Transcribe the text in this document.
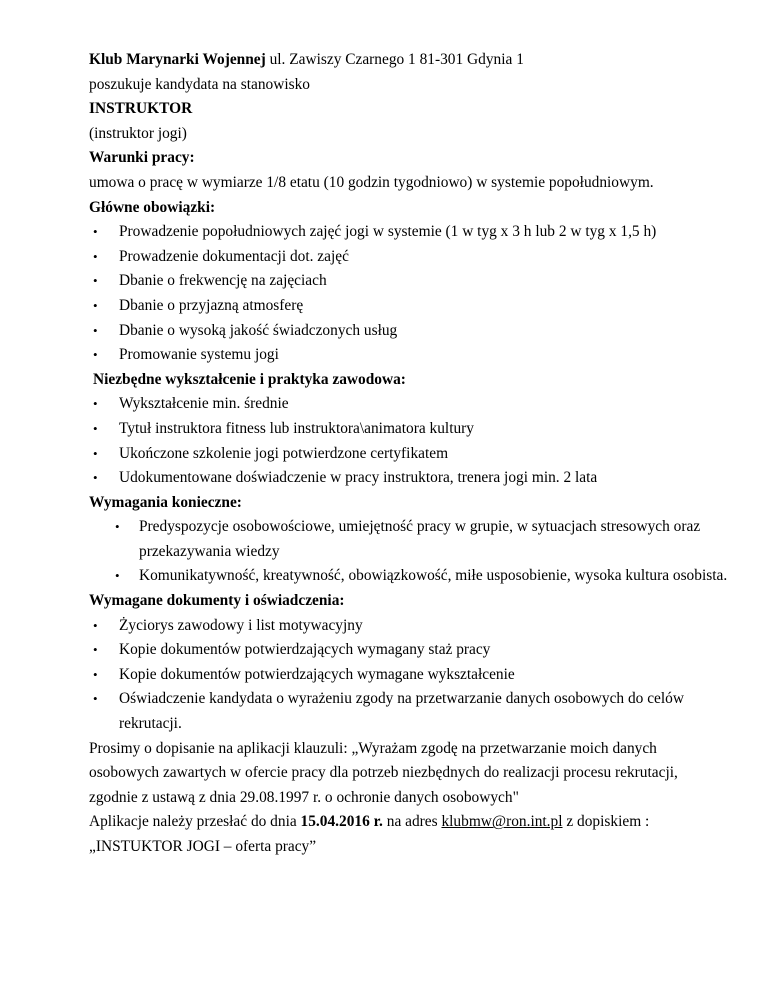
Klub Marynarki Wojennej ul. Zawiszy Czarnego 1 81-301 Gdynia 1
poszukuje kandydata na stanowisko
INSTRUKTOR
(instruktor jogi)
Warunki pracy:
umowa o pracę w wymiarze 1/8 etatu (10 godzin tygodniowo) w systemie popołudniowym.
Główne obowiązki:
• Prowadzenie popołudniowych zajęć jogi w systemie (1 w tyg x 3 h lub 2 w tyg x 1,5 h)
• Prowadzenie dokumentacji dot. zajęć
• Dbanie o frekwencję na zajęciach
• Dbanie o przyjazną atmosferę
• Dbanie o wysoką jakość świadczonych usług
• Promowanie systemu jogi
Niezbędne wykształcenie i praktyka zawodowa:
• Wykształcenie min. średnie
• Tytuł instruktora fitness lub instruktora\animatora kultury
• Ukończone szkolenie jogi potwierdzone certyfikatem
• Udokumentowane doświadczenie w pracy instruktora, trenera jogi min. 2 lata
Wymagania konieczne:
• Predyspozycje osobowościowe, umiejętność pracy w grupie, w sytuacjach stresowych oraz przekazywania wiedzy
• Komunikatywność, kreatywność, obowiązkowość, miłe usposobienie, wysoka kultura osobista.
Wymagane dokumenty i oświadczenia:
• Życiorys zawodowy i list motywacyjny
• Kopie dokumentów potwierdzających wymagany staż pracy
• Kopie dokumentów potwierdzających wymagane wykształcenie
• Oświadczenie kandydata o wyrażeniu zgody na przetwarzanie danych osobowych do celów rekrutacji.
Prosimy o dopisanie na aplikacji klauzuli: „Wyrażam zgodę na przetwarzanie moich danych osobowych zawartych w ofercie pracy dla potrzeb niezbędnych do realizacji procesu rekrutacji, zgodnie z ustawą z dnia 29.08.1997 r. o ochronie danych osobowych"
Aplikacje należy przesłać do dnia 15.04.2016 r. na adres klubmw@ron.int.pl z dopiskiem :
„INSTUKTOR JOGI – oferta pracy”
